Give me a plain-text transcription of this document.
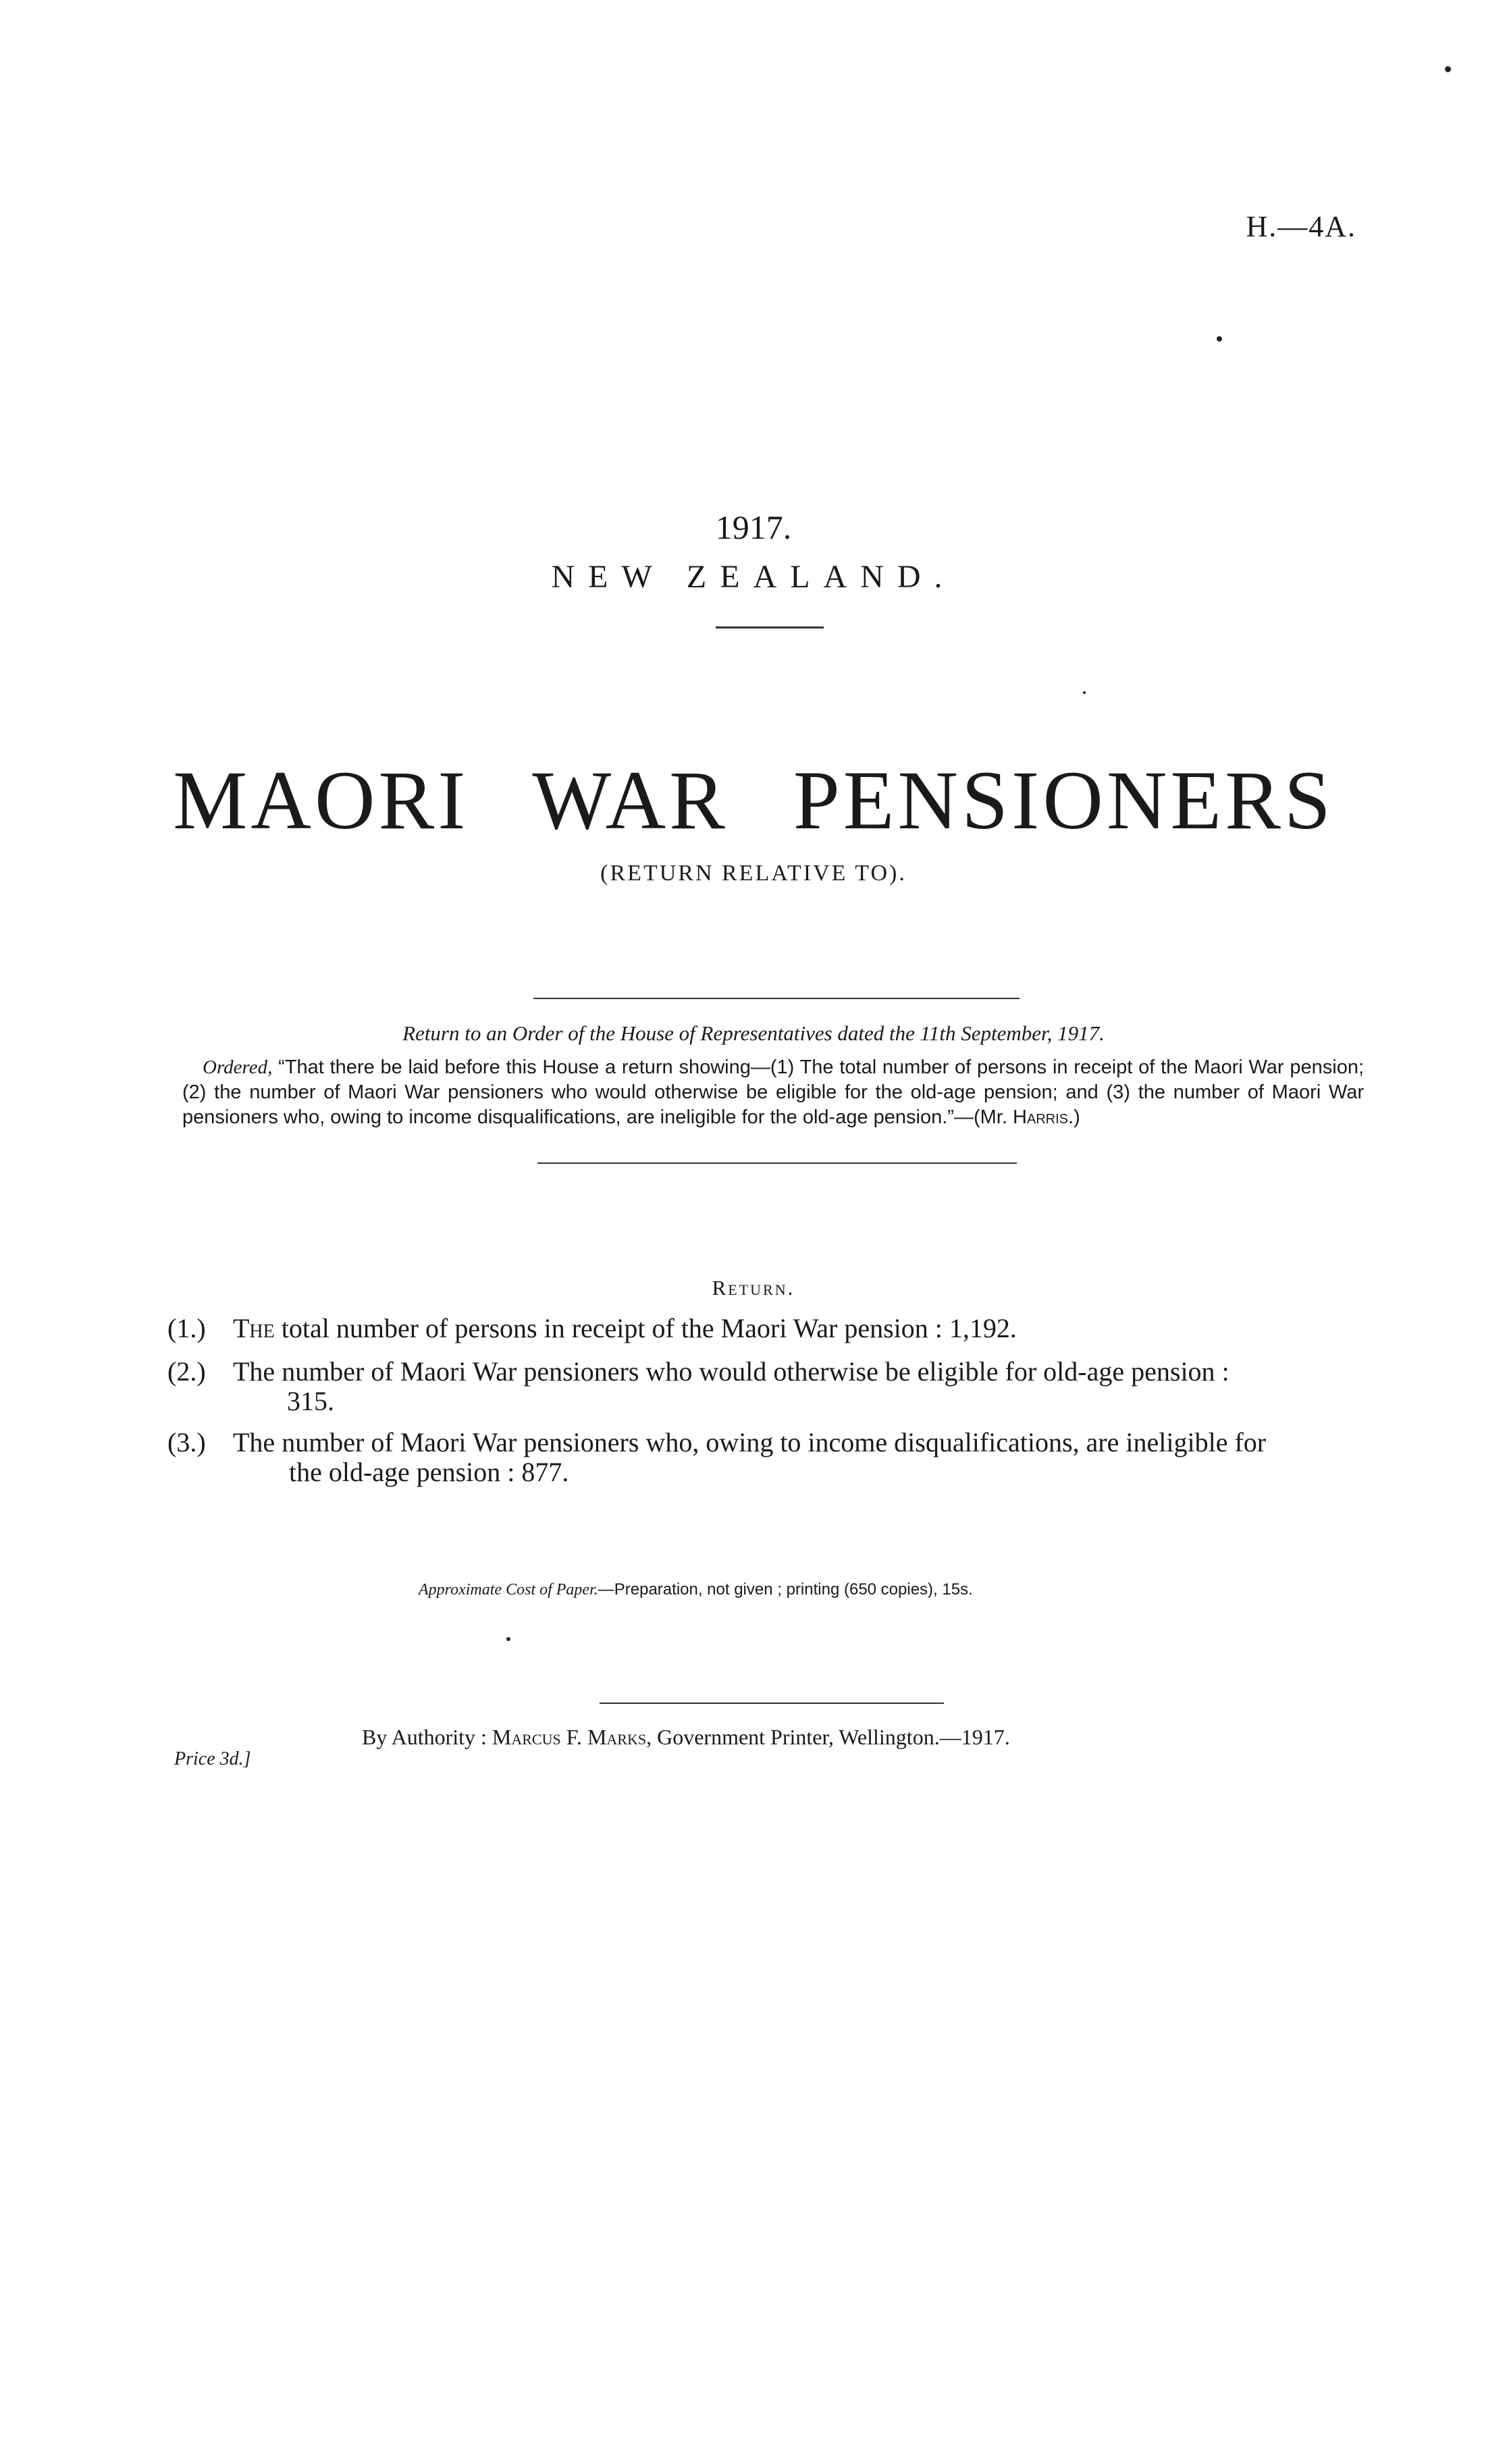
H.—4A.
1917.
NEW ZEALAND.
MAORI WAR PENSIONERS
(RETURN RELATIVE TO).
Return to an Order of the House of Representatives dated the 11th September, 1917.
Ordered, “That there be laid before this House a return showing—(1) The total number of persons in receipt of the Maori War pension; (2) the number of Maori War pensioners who would otherwise be eligible for the old-age pension; and (3) the number of Maori War pensioners who, owing to income disqualifications, are ineligible for the old-age pension.”—(Mr. Harris.)
Return.
(1.) The total number of persons in receipt of the Maori War pension : 1,192.
(2.) The number of Maori War pensioners who would otherwise be eligible for old-age pension :
315.
(3.) The number of Maori War pensioners who, owing to income disqualifications, are ineligible for
the old-age pension : 877.
Approximate Cost of Paper.—Preparation, not given ; printing (650 copies), 15s.
By Authority : Marcus F. Marks, Government Printer, Wellington.—1917.
Price 3d.]
